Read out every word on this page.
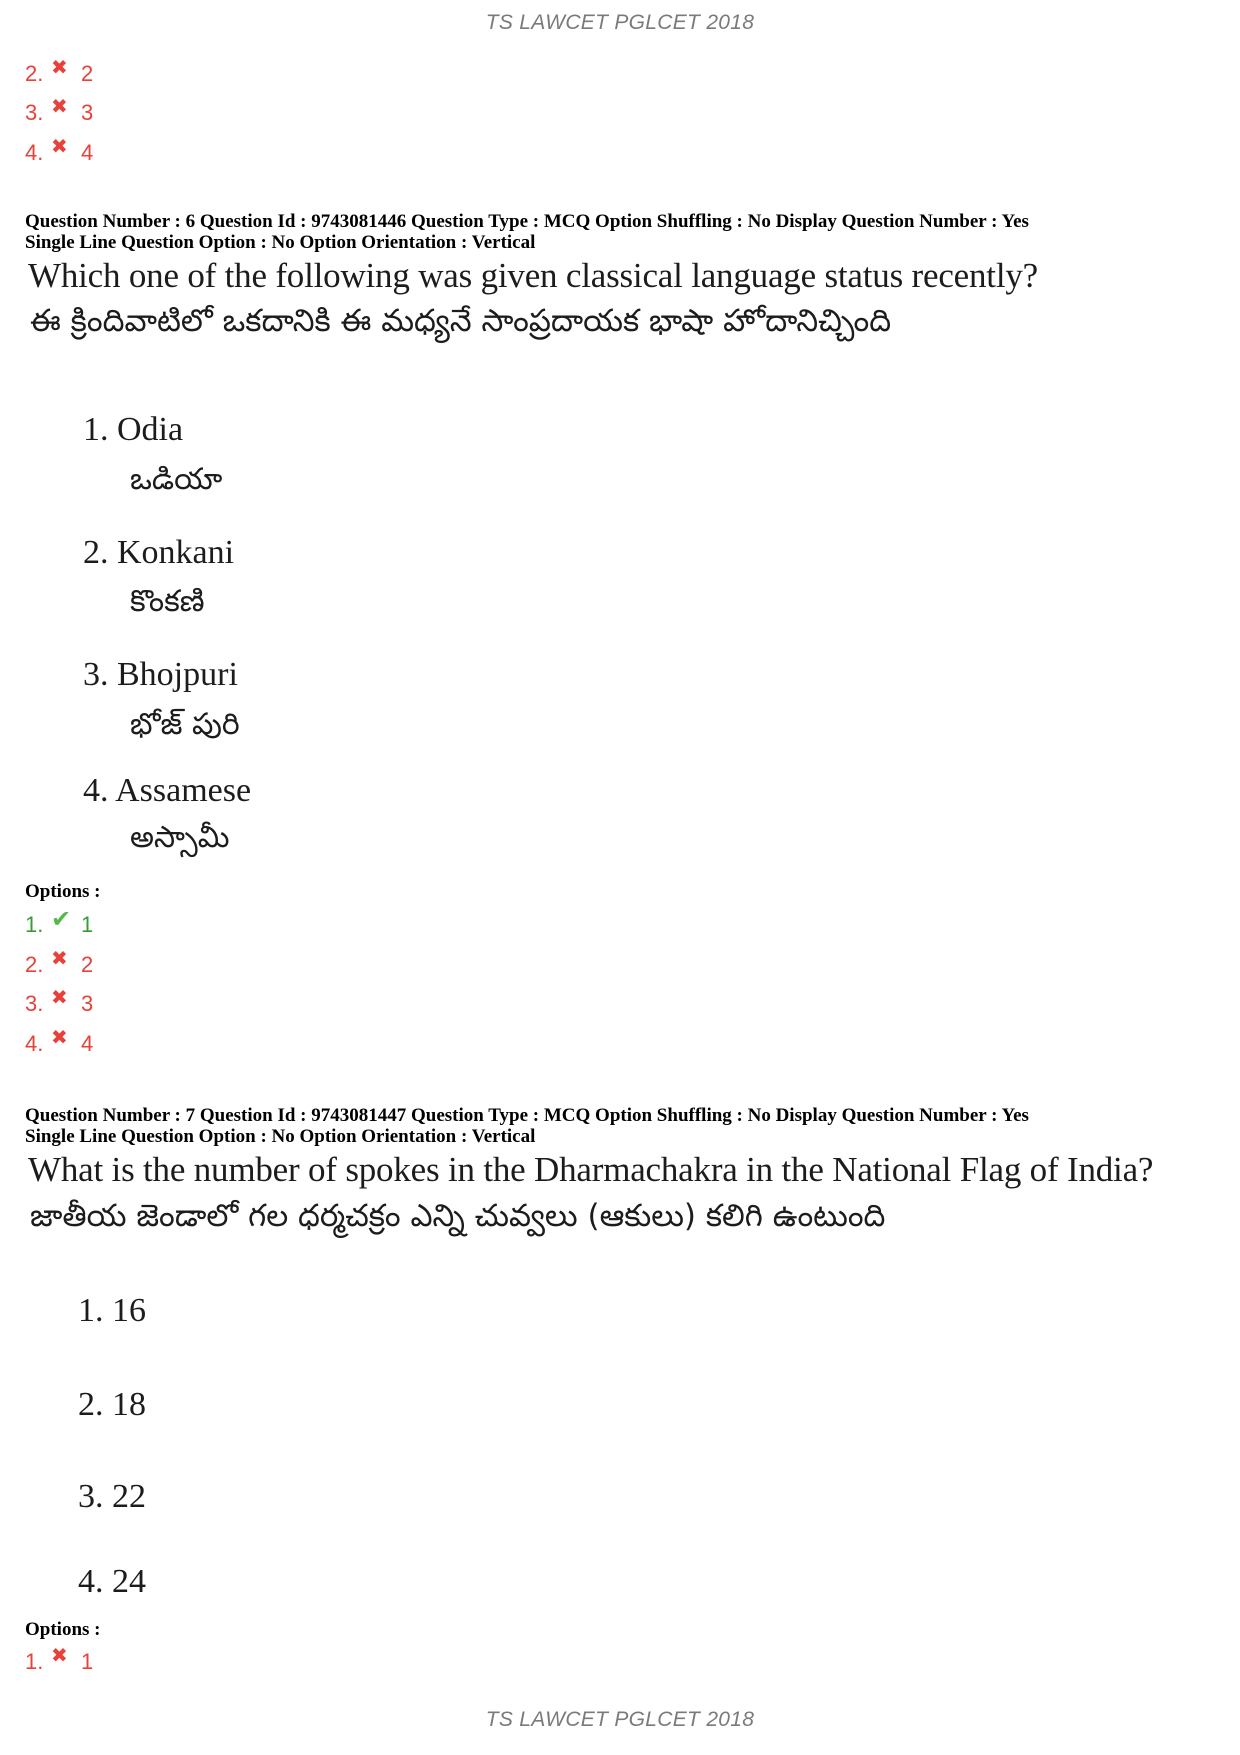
TS LAWCET PGLCET 2018
2. ✖ 2
3. ✖ 3
4. ✖ 4
Question Number : 6 Question Id : 9743081446 Question Type : MCQ Option Shuffling : No Display Question Number : Yes
Single Line Question Option : No Option Orientation : Vertical
Which one of the following was given classical language status recently?
ఈ క్రిందివాటిలో ఒకదానికి ఈ మధ్యనే సాంప్రదాయక భాషా హోదానిచ్చింది
1. Odia
ఒడియా
2. Konkani
కొంకణి
3. Bhojpuri
భోజ్ పురి
4. Assamese
అస్సామీ
Options :
1. ✔ 1
2. ✖ 2
3. ✖ 3
4. ✖ 4
Question Number : 7 Question Id : 9743081447 Question Type : MCQ Option Shuffling : No Display Question Number : Yes
Single Line Question Option : No Option Orientation : Vertical
What is the number of spokes in the Dharmachakra in the National Flag of India?
జాతీయ జెండాలో గల ధర్మచక్రం ఎన్ని చువ్వలు (ఆకులు) కలిగి ఉంటుంది
1. 16
2. 18
3. 22
4. 24
Options :
1. ✖ 1
TS LAWCET PGLCET 2018
